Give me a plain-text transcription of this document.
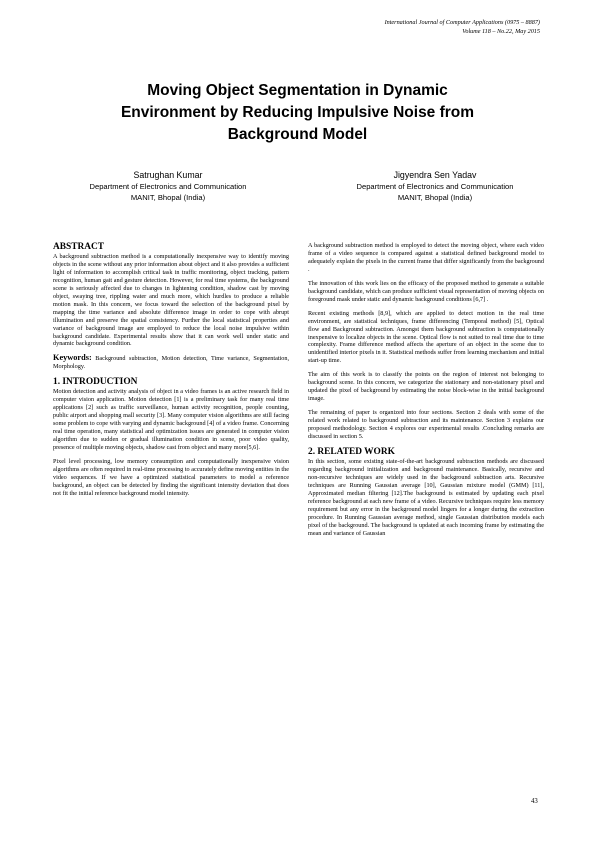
International Journal of Computer Applications (0975 – 8887)
Volume 118 – No.22, May 2015
Moving Object Segmentation in Dynamic
Environment by Reducing Impulsive Noise from
Background Model
Satrughan Kumar
Department of Electronics and Communication
MANIT, Bhopal (India)
Jigyendra Sen Yadav
Department of Electronics and Communication
MANIT, Bhopal (India)
ABSTRACT

A background subtraction method is a computationally inexpensive way to identify moving objects in the scene without any prior information about object and it also provides a sufficient light of information to accomplish critical task in traffic monitoring, object tracking, pattern recognition, human gait and gesture detection. However, for real time systems, the background scene is seriously affected due to changes in lightening condition, shadow cast by moving object, swaying tree, rippling water and much more, which hurdles to produce a reliable motion mask. In this concern, we focus toward the selection of the background pixel by mapping the time variance and absolute difference image in order to cope with abrupt illumination and preserve the spatial consistency. Further the local statistical properties and variance of background image are employed to reduce the local noise impulsive within background candidate. Experimental results show that it can work well under static and dynamic background condition.

Keywords: Background subtraction, Motion detection, Time variance, Segmentation, Morphology.

1. INTRODUCTION

Motion detection and activity analysis of object in a video frames is an active research field in computer vision application. Motion detection [1] is a preliminary task for many real time applications [2] such as traffic surveillance, human activity recognition, people counting, public airport and shopping mall security [3]. Many computer vision algorithms are still facing some problem to cope with varying and dynamic background [4] of a video frame. Concerning real time operation, many statistical and optimization issues are generated in computer vision algorithm due to sudden or gradual illumination condition in scene, poor video quality, presence of multiple moving objects, shadow cast from object and many more[5,6].

Pixel level processing, low memory consumption and computationally inexpensive vision algorithms are often required in real-time processing to accurately define moving entities in the video sequences. If we have a optimized statistical parameters to model a reference background, an object can be detected by finding the significant intensity deviation that does not fit the initial reference background model intensity.

A background subtraction method is employed to detect the moving object, where each video frame of a video sequence is compared against a statistical defined background model to adequately explain the pixels in the current frame that differ significantly from the background .

The innovation of this work lies on the efficacy of the proposed method to generate a suitable background candidate, which can produce sufficient visual representation of moving objects on foreground mask under static and dynamic background conditions [6,7] .

Recent existing methods [8,9], which are applied to detect motion in the real time environment, are statistical techniques, frame differencing (Temporal method) [5], Optical flow and Background subtraction. Amongst them background subtraction is computationally inexpensive to localize objects in the scene. Optical flow is not suited to real time due to time complexity. Frame difference method affects the aperture of an object in the scene due to unidentified interior pixels in it. Statistical methods suffer from learning mechanism and initial start-up time.

The aim of this work is to classify the points on the region of interest not belonging to background scene. In this concern, we categorize the stationary and non-stationary pixel and updated the pixel of background by estimating the noise block-wise in the initial background image.

The remaining of paper is organized into four sections. Section 2 deals with some of the related work related to background subtraction and its maintenance. Section 3 explains our proposed methodology. Section 4 explores our experimental results .Concluding remarks are discussed in section 5.

2. RELATED WORK

In this section, some existing state-of-the-art background subtraction methods are discussed regarding background initialization and background maintenance. Basically, recursive and non-recursive techniques are widely used in the background subtraction arts. Recursive techniques are Running Gaussian average [10], Gaussian mixture model (GMM) [11], Approximated median filtering [12].The background is estimated by updating each pixel reference background at each new frame of a video. Recursive techniques require less memory requirement but any error in the background model lingers for a longer during the extraction procedure. In Running Gaussian average method, single Gaussian distribution models each pixel of the background. The background is updated at each incoming frame by estimating the mean and variance of Gaussian

43
